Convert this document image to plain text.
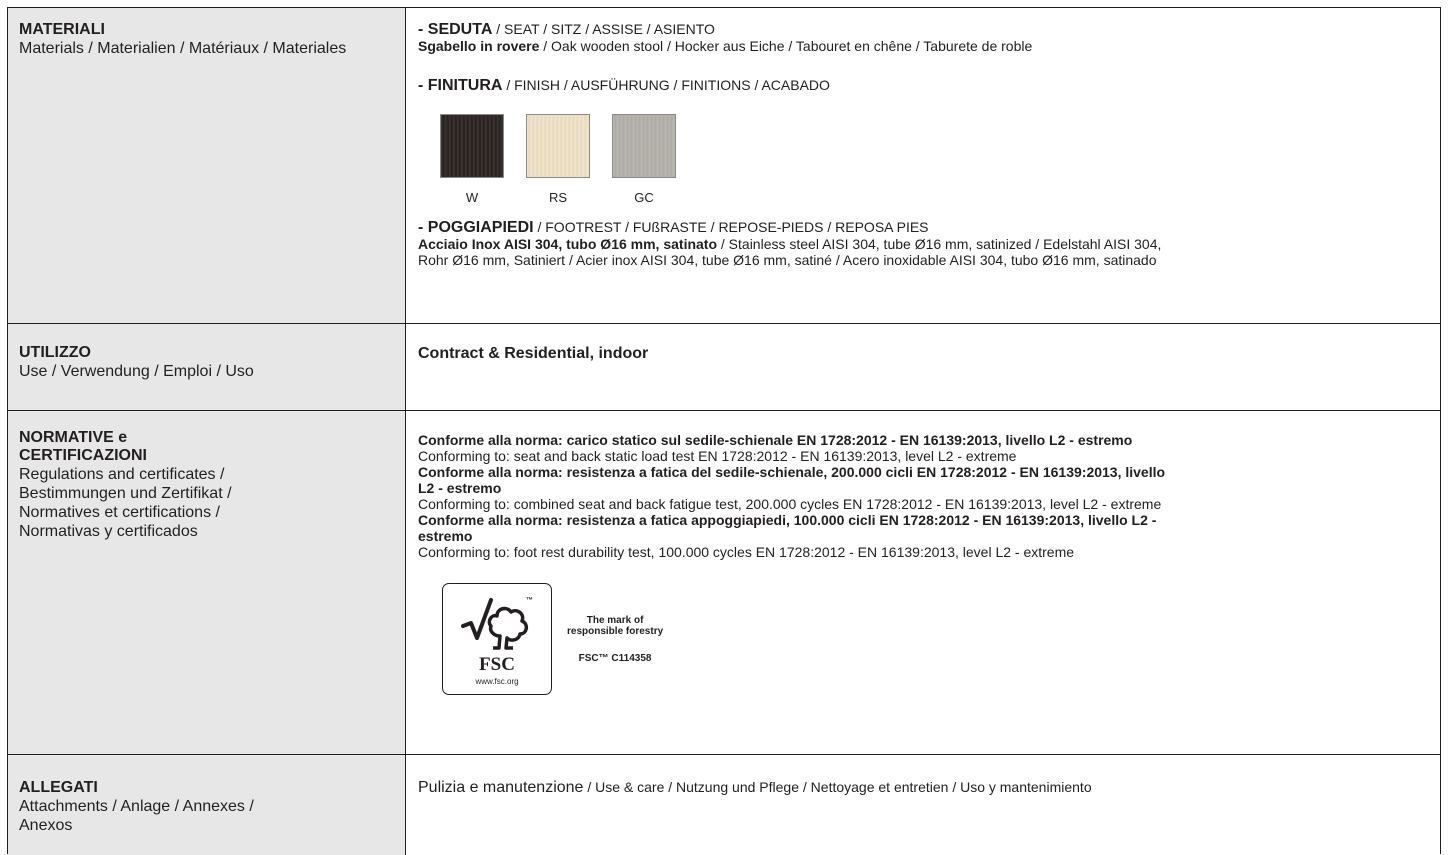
MATERIALI
Materials / Materialien / Matériaux / Materiales
- SEDUTA / SEAT / SITZ / ASSISE / ASIENTO
Sgabello in rovere / Oak wooden stool / Hocker aus Eiche / Tabouret en chêne / Taburete de roble
- FINITURA / FINISH / AUSFÜHRUNG / FINITIONS / ACABADO
W	RS	GC
- POGGIAPIEDI / FOOTREST / FUßRASTE / REPOSE-PIEDS / REPOSA PIES
Acciaio Inox AISI 304, tubo Ø16 mm, satinato / Stainless steel AISI 304, tube Ø16 mm, satinized / Edelstahl AISI 304,
Rohr Ø16 mm, Satiniert / Acier inox AISI 304, tube Ø16 mm, satiné / Acero inoxidable AISI 304, tubo Ø16 mm, satinado
UTILIZZO
Use / Verwendung / Emploi / Uso
Contract & Residential, indoor
NORMATIVE e
CERTIFICAZIONI
Regulations and certificates /
Bestimmungen und Zertifikat /
Normatives et certifications /
Normativas y certificados
Conforme alla norma: carico statico sul sedile-schienale EN 1728:2012 - EN 16139:2013, livello L2 - estremo
Conforming to: seat and back static load test EN 1728:2012 - EN 16139:2013, level L2 - extreme
Conforme alla norma: resistenza a fatica del sedile-schienale, 200.000 cicli EN 1728:2012 - EN 16139:2013, livello
L2 - estremo
Conforming to: combined seat and back fatigue test, 200.000 cycles EN 1728:2012 - EN 16139:2013, level L2 - extreme
Conforme alla norma: resistenza a fatica appoggiapiedi, 100.000 cicli EN 1728:2012 - EN 16139:2013, livello L2 -
estremo
Conforming to: foot rest durability test, 100.000 cycles EN 1728:2012 - EN 16139:2013, level L2 - extreme
™
FSC
www.fsc.org
The mark of
responsible forestry
FSC™ C114358
ALLEGATI
Attachments / Anlage / Annexes /
Anexos
Pulizia e manutenzione / Use & care / Nutzung und Pflege / Nettoyage et entretien / Uso y mantenimiento
